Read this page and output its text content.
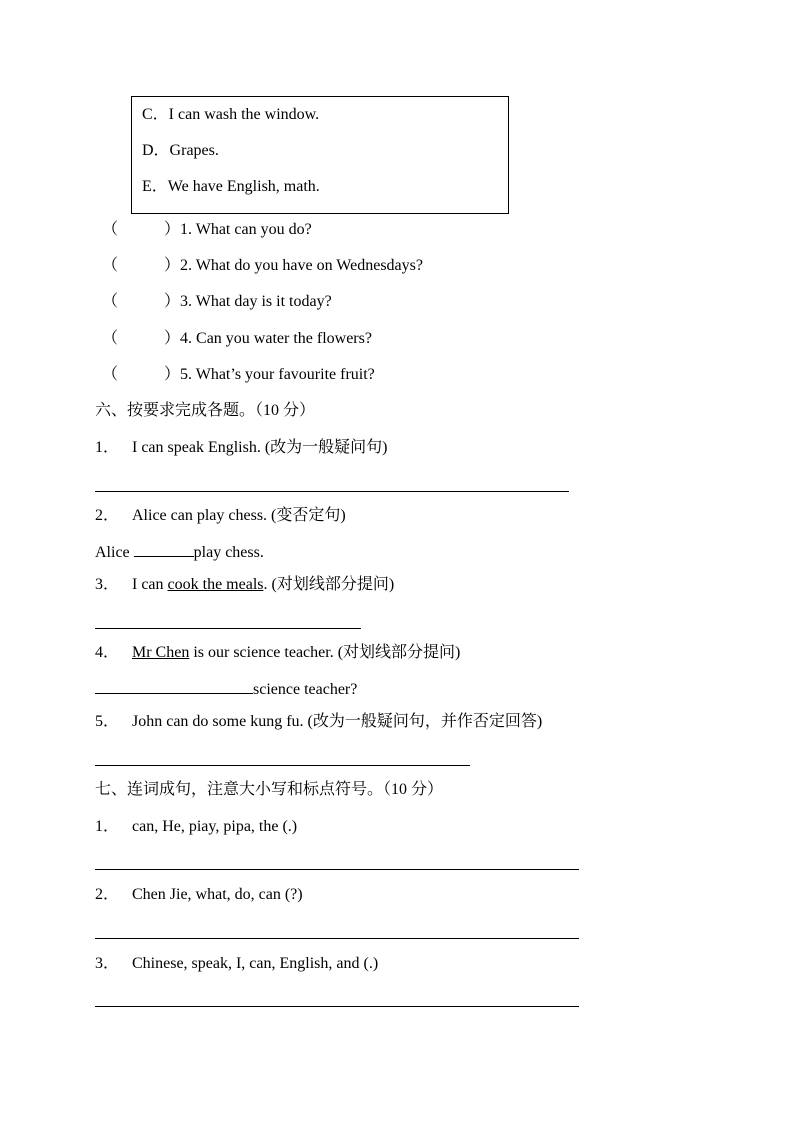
C．I can wash the window.
D．Grapes.
E．We have English, math.
（	）1. What can you do?
（	）2. What do you have on Wednesdays?
（	）3. What day is it today?
（	）4. Can you water the flowers?
（	）5. What’s your favourite fruit?
六、按要求完成各题。（10 分）
1． I can speak English. (改为一般疑问句)
2． Alice can play chess. (变否定句)
Alice	play chess.
3． I can cook the meals. (对划线部分提问)
4． Mr Chen is our science teacher. (对划线部分提问)
science teacher?
5． John can do some kung fu. (改为一般疑问句，并作否定回答)
七、连词成句，注意大小写和标点符号。（10 分）
1． can, He, piay, pipa, the (.)
2． Chen Jie, what, do, can (?)
3． Chinese, speak, I, can, English, and (.)
